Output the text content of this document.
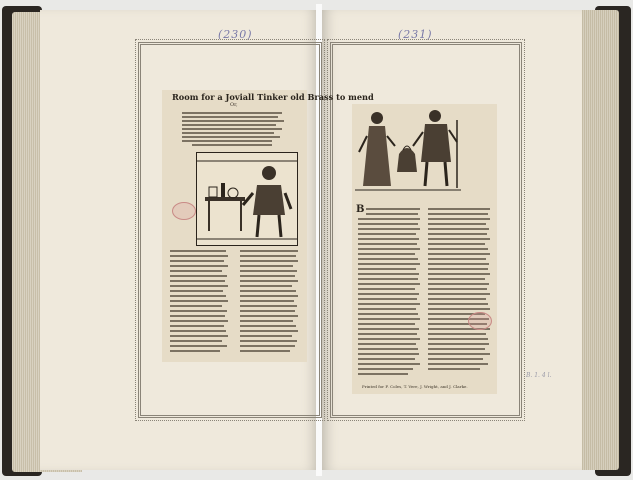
(230)	(231)
Room for a Joviall Tinker old Brass to mend
Or,
B
Printed for F. Coles, T. Vere, J. Wright, and J. Clarke.
B. 1. 4 l.
